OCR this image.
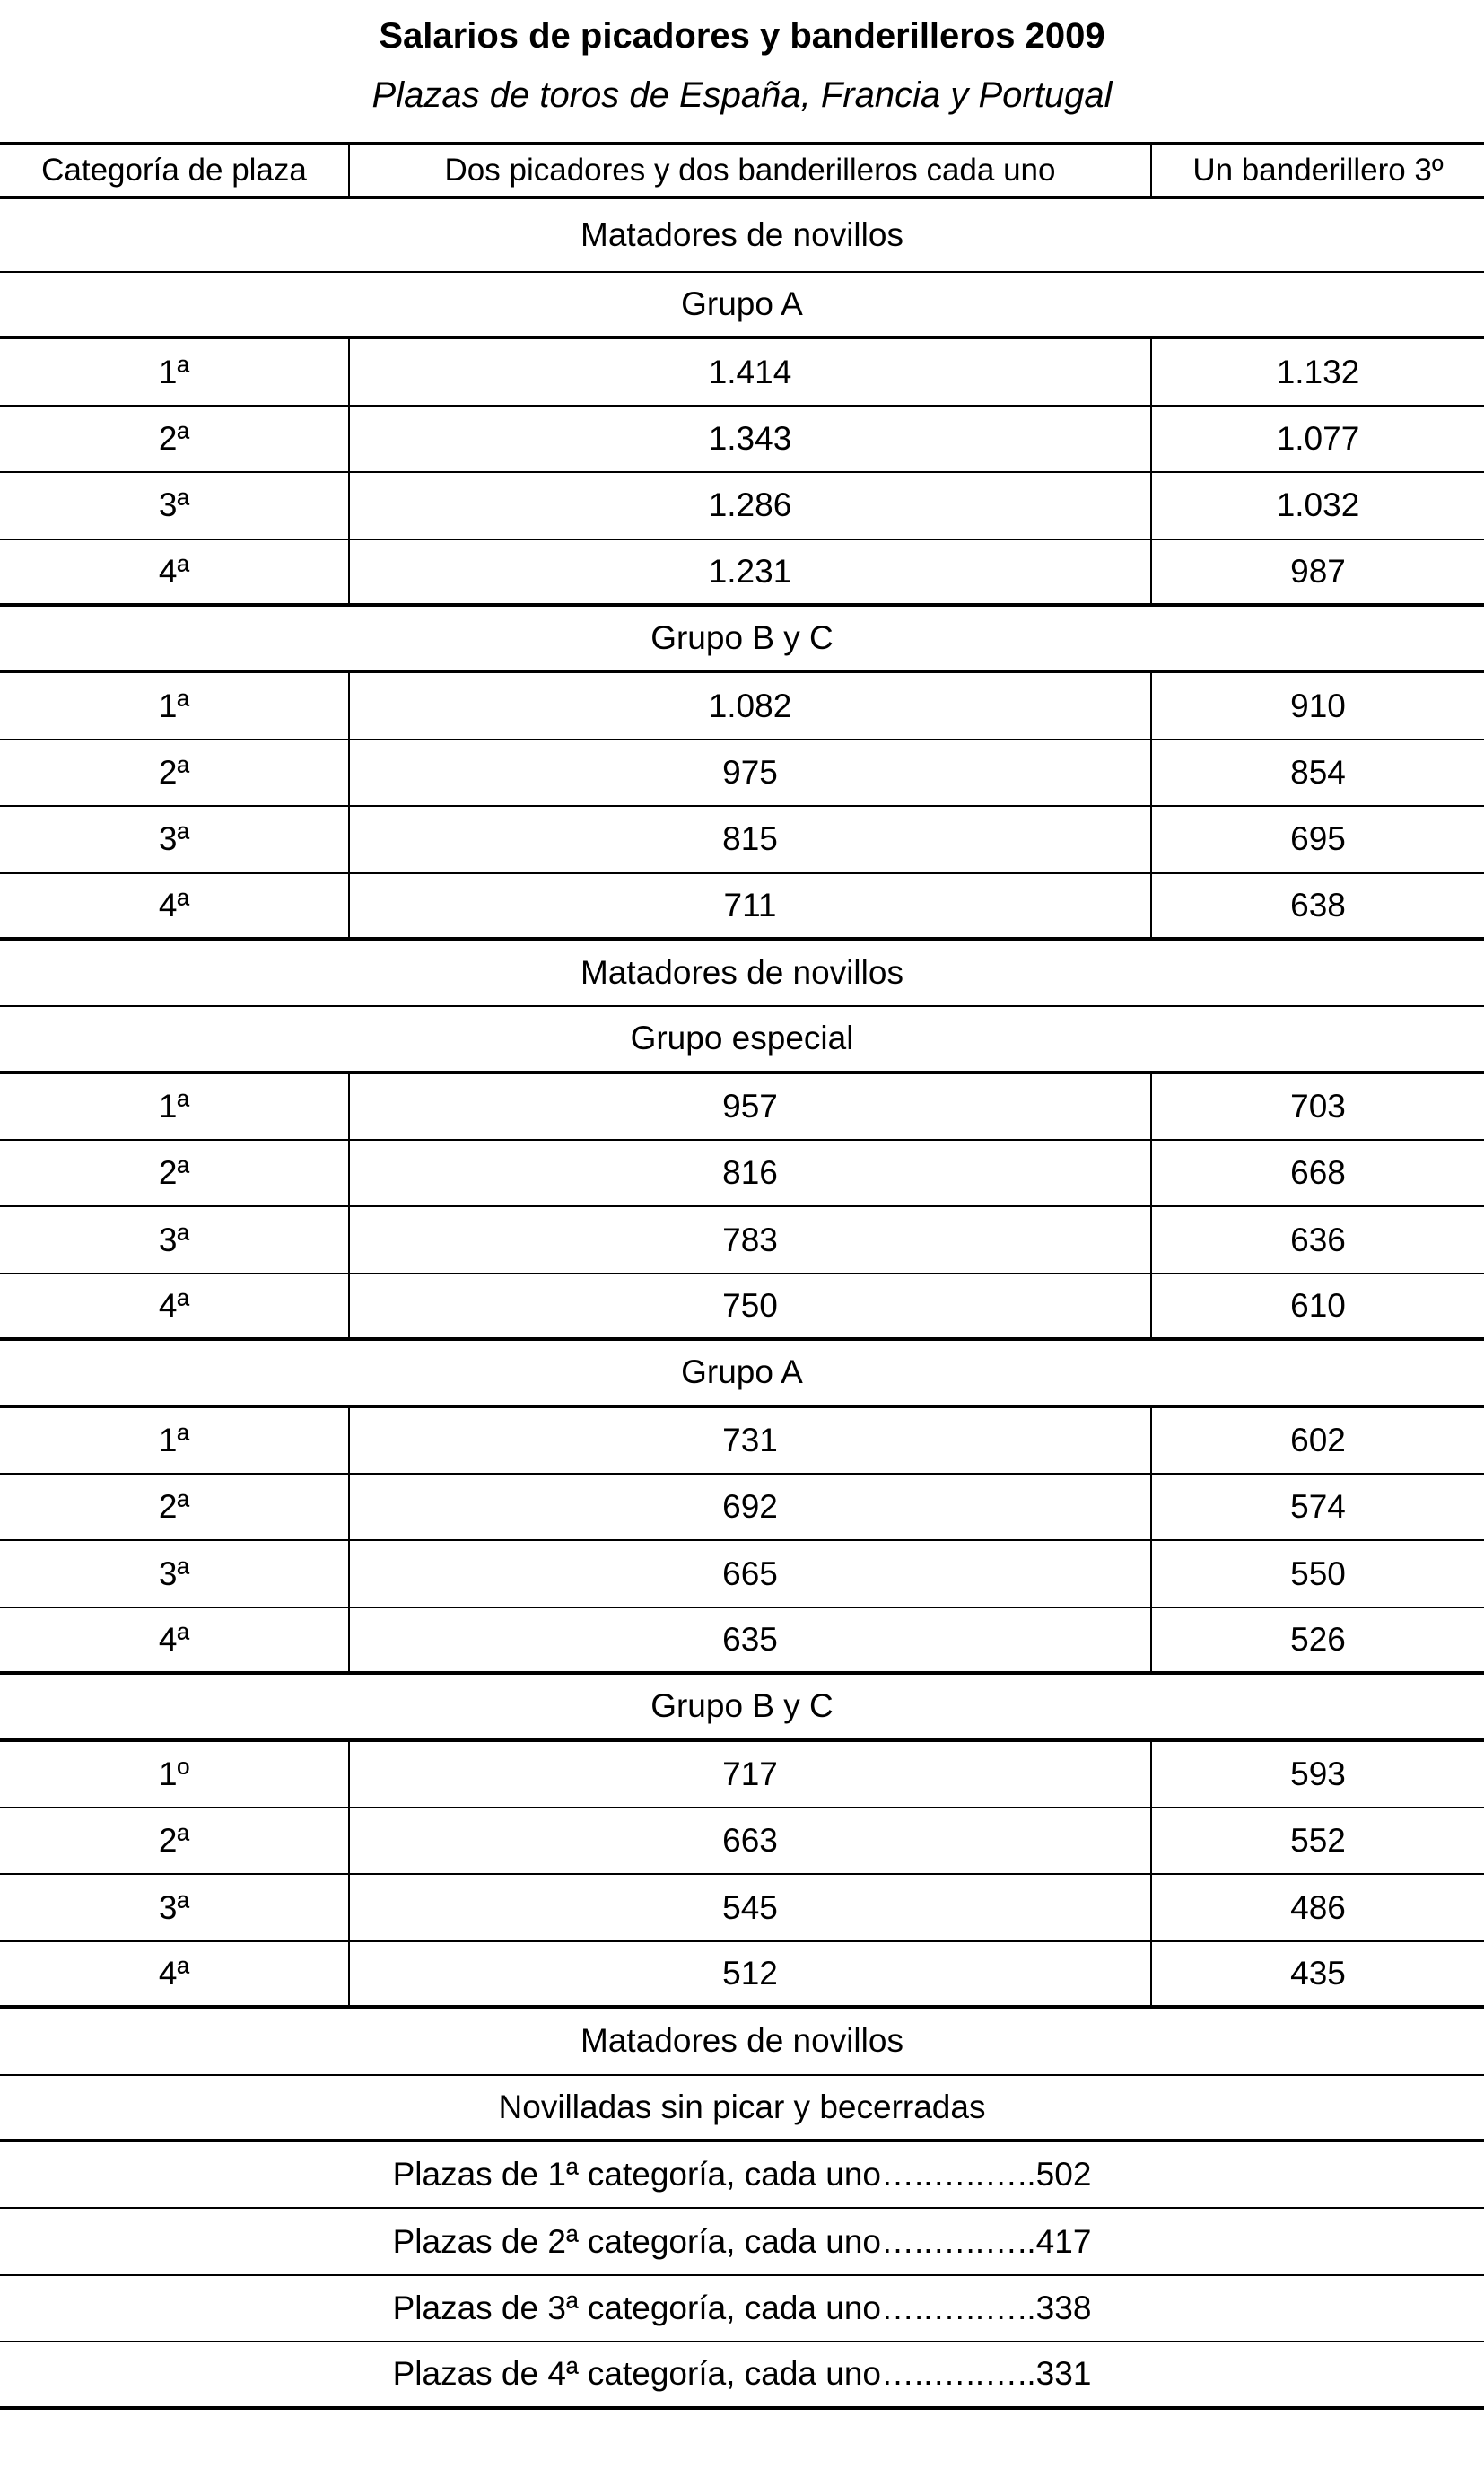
Salarios de picadores y banderilleros 2009
Plazas de toros de España, Francia y Portugal
Categoría de plaza	Dos picadores y dos banderilleros cada uno	Un banderillero 3º
Matadores de novillos
Grupo A
1ª	1.414	1.132
2ª	1.343	1.077
3ª	1.286	1.032
4ª	1.231	987
Grupo B y C
1ª	1.082	910
2ª	975	854
3ª	815	695
4ª	711	638
Matadores de novillos
Grupo especial
1ª	957	703
2ª	816	668
3ª	783	636
4ª	750	610
Grupo A
1ª	731	602
2ª	692	574
3ª	665	550
4ª	635	526
Grupo B y C
1º	717	593
2ª	663	552
3ª	545	486
4ª	512	435
Matadores de novillos
Novilladas sin picar y becerradas
Plazas de 1ª categoría, cada uno…..…..…..502
Plazas de 2ª categoría, cada uno…..…..…..417
Plazas de 3ª categoría, cada uno…..…..…..338
Plazas de 4ª categoría, cada uno…..…..…..331
